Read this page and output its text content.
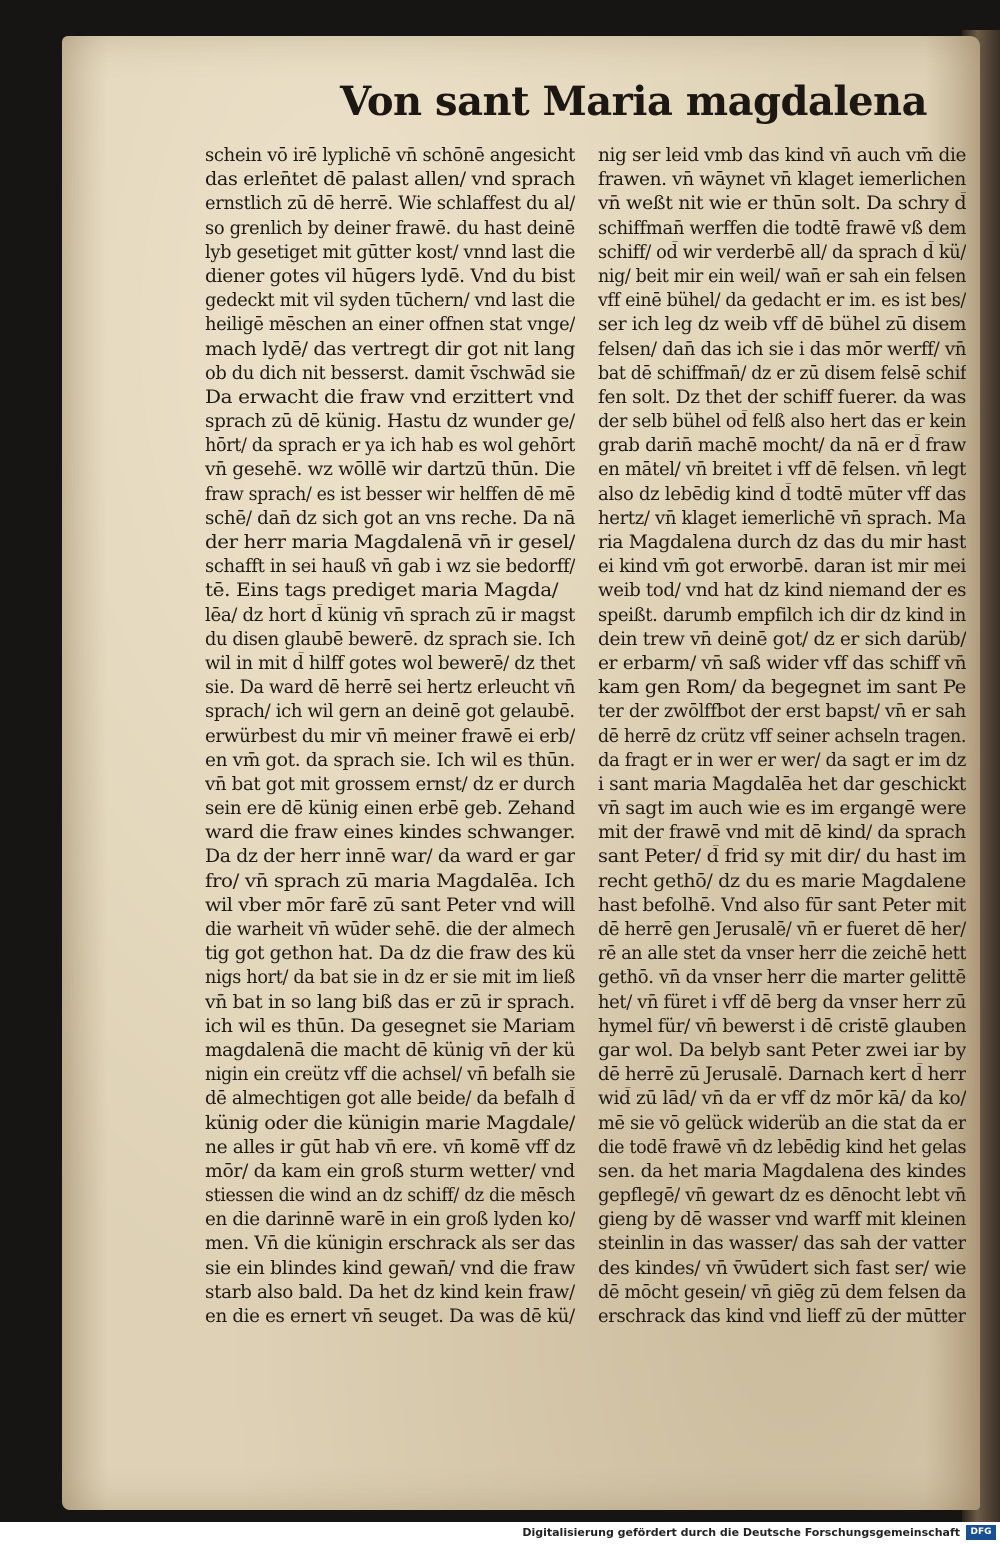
Von sant Maria magdalena
schein vō irē lyplichē vn̄ schōnē angesicht
das erlen̄tet dē palast allen/ vnd sprach
ernstlich zū dē herrē. Wie schlaffest du al/
so grenlich by deiner frawē. du hast deinē
lyb gesetiget mit gūtter kost/ vnnd last die
diener gotes vil hūgers lydē. Vnd du bist
gedeckt mit vil syden tūchern/ vnd last die
heiligē mēschen an einer offnen stat vnge/
mach lydē/ das vertregt dir got nit lang
ob du dich nit besserst. damit v̄schwād sie
Da erwacht die fraw vnd erzittert vnd
sprach zū dē künig. Hastu dz wunder ge/
hōrt/ da sprach er ya ich hab es wol gehōrt
vn̄ gesehē. wz wōllē wir dartzū thūn. Die
fraw sprach/ es ist besser wir helffen dē mē
schē/ dan̄ dz sich got an vns reche. Da nā
der herr maria Magdalenā vn̄ ir gesel/
schafft in sei hauß vn̄ gab i wz sie bedorff/
tē. Eins tags prediget maria Magda/
lēa/ dz hort d̄ künig vn̄ sprach zū ir magst
du disen glaubē bewerē. dz sprach sie. Ich
wil in mit d̄ hilff gotes wol bewerē/ dz thet
sie. Da ward dē herrē sei hertz erleucht vn̄
sprach/ ich wil gern an deinē got gelaubē.
erwürbest du mir vn̄ meiner frawē ei erb/
en vm̄ got. da sprach sie. Ich wil es thūn.
vn̄ bat got mit grossem ernst/ dz er durch
sein ere dē künig einen erbē geb. Zehand
ward die fraw eines kindes schwanger.
Da dz der herr innē war/ da ward er gar
fro/ vn̄ sprach zū maria Magdalēa. Ich
wil vber mōr farē zū sant Peter vnd will
die warheit vn̄ wūder sehē. die der almech
tig got gethon hat. Da dz die fraw des kü
nigs hort/ da bat sie in dz er sie mit im ließ
vn̄ bat in so lang biß das er zū ir sprach.
ich wil es thūn. Da gesegnet sie Mariam
magdalenā die macht dē künig vn̄ der kü
nigin ein creütz vff die achsel/ vn̄ befalh sie
dē almechtigen got alle beide/ da befalh d̄
künig oder die künigin marie Magdale/
ne alles ir gūt hab vn̄ ere. vn̄ komē vff dz
mōr/ da kam ein groß sturm wetter/ vnd
stiessen die wind an dz schiff/ dz die mēsch
en die darinnē warē in ein groß lyden ko/
men. Vn̄ die künigin erschrack als ser das
sie ein blindes kind gewan̄/ vnd die fraw
starb also bald. Da het dz kind kein fraw/
en die es ernert vn̄ seuget. Da was dē kü/
nig ser leid vmb das kind vn̄ auch vm̄ die
frawen. vn̄ wāynet vn̄ klaget iemerlichen
vn̄ weßt nit wie er thūn solt. Da schry d̄
schiffman̄ werffen die todtē frawē vß dem
schiff/ od̄ wir verderbē all/ da sprach d̄ kü/
nig/ beit mir ein weil/ wan̄ er sah ein felsen
vff einē bühel/ da gedacht er im. es ist bes/
ser ich leg dz weib vff dē bühel zū disem
felsen/ dan̄ das ich sie i das mōr werff/ vn̄
bat dē schiffman̄/ dz er zū disem felsē schif
fen solt. Dz thet der schiff fuerer. da was
der selb bühel od̄ felß also hert das er kein
grab darin̄ machē mocht/ da nā er d̄ fraw
en mātel/ vn̄ breitet i vff dē felsen. vn̄ legt
also dz lebēdig kind d̄ todtē mūter vff das
hertz/ vn̄ klaget iemerlichē vn̄ sprach. Ma
ria Magdalena durch dz das du mir hast
ei kind vm̄ got erworbē. daran ist mir mei
weib tod/ vnd hat dz kind niemand der es
speißt. darumb empfilch ich dir dz kind in
dein trew vn̄ deinē got/ dz er sich darüb/
er erbarm/ vn̄ saß wider vff das schiff vn̄
kam gen Rom/ da begegnet im sant Pe
ter der zwōlffbot der erst bapst/ vn̄ er sah
dē herrē dz crütz vff seiner achseln tragen.
da fragt er in wer er wer/ da sagt er im dz
i sant maria Magdalēa het dar geschickt
vn̄ sagt im auch wie es im ergangē were
mit der frawē vnd mit dē kind/ da sprach
sant Peter/ d̄ frid sy mit dir/ du hast im
recht gethō/ dz du es marie Magdalene
hast befolhē. Vnd also fūr sant Peter mit
dē herrē gen Jerusalē/ vn̄ er fueret dē her/
rē an alle stet da vnser herr die zeichē hett
gethō. vn̄ da vnser herr die marter gelittē
het/ vn̄ füret i vff dē berg da vnser herr zū
hymel für/ vn̄ bewerst i dē cristē glauben
gar wol. Da belyb sant Peter zwei iar by
dē herrē zū Jerusalē. Darnach kert d̄ herr
wid̄ zū lād/ vn̄ da er vff dz mōr kā/ da ko/
mē sie vō gelück widerüb an die stat da er
die todē frawē vn̄ dz lebēdig kind het gelas
sen. da het maria Magdalena des kindes
gepflegē/ vn̄ gewart dz es dēnocht lebt vn̄
gieng by dē wasser vnd warff mit kleinen
steinlin in das wasser/ das sah der vatter
des kindes/ vn̄ v̄wūdert sich fast ser/ wie
dē mōcht gesein/ vn̄ giēg zū dem felsen da
erschrack das kind vnd lieff zū der mūtter
Digitalisierung gefördert durch die Deutsche Forschungsgemeinschaft	DFG
